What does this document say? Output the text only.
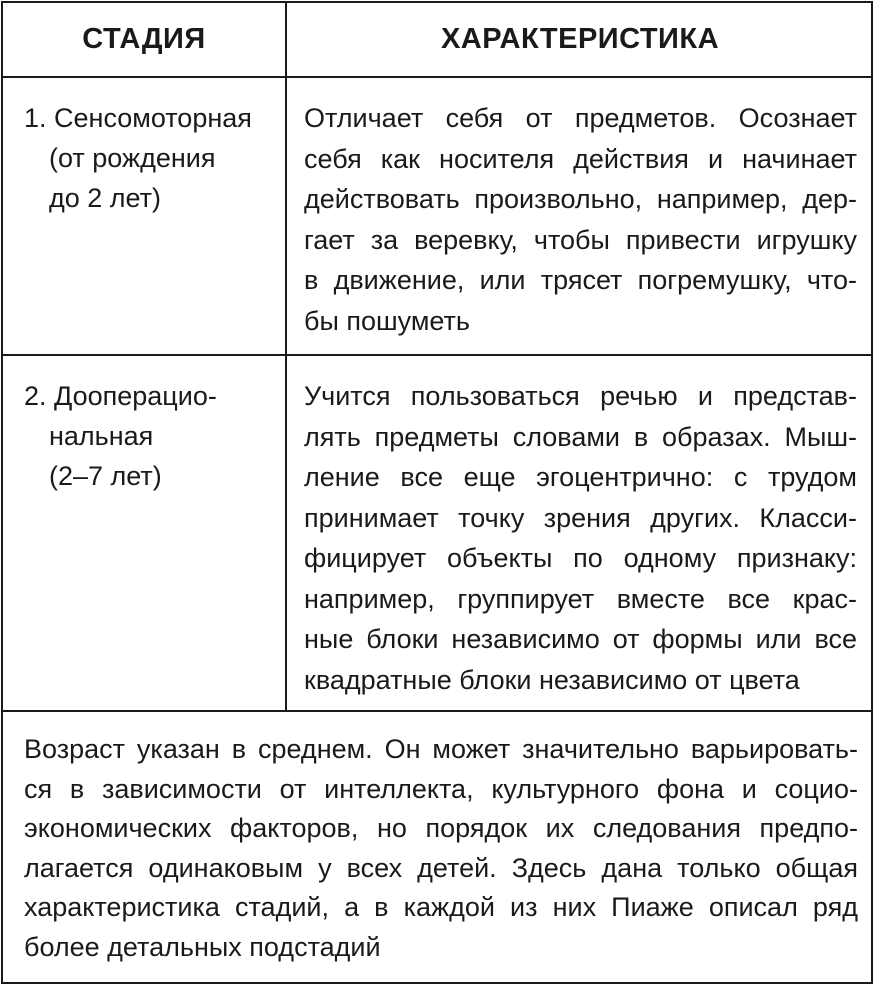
СТАДИЯ	ХАРАКТЕРИСТИКА
1. Сенсомоторная
(от рождения
до 2 лет)
Отличает себя от предметов. Осознает
себя как носителя действия и начинает
действовать произвольно, например, дер-
гает за веревку, чтобы привести игрушку
в движение, или трясет погремушку, что-
бы пошуметь
2. Дооперацио-
нальная
(2–7 лет)
Учится пользоваться речью и представ-
лять предметы словами в образах. Мыш-
ление все еще эгоцентрично: с трудом
принимает точку зрения других. Класси-
фицирует объекты по одному признаку:
например, группирует вместе все крас-
ные блоки независимо от формы или все
квадратные блоки независимо от цвета
Возраст указан в среднем. Он может значительно варьировать-
ся в зависимости от интеллекта, культурного фона и социо-
экономических факторов, но порядок их следования предпо-
лагается одинаковым у всех детей. Здесь дана только общая
характеристика стадий, а в каждой из них Пиаже описал ряд
более детальных подстадий
